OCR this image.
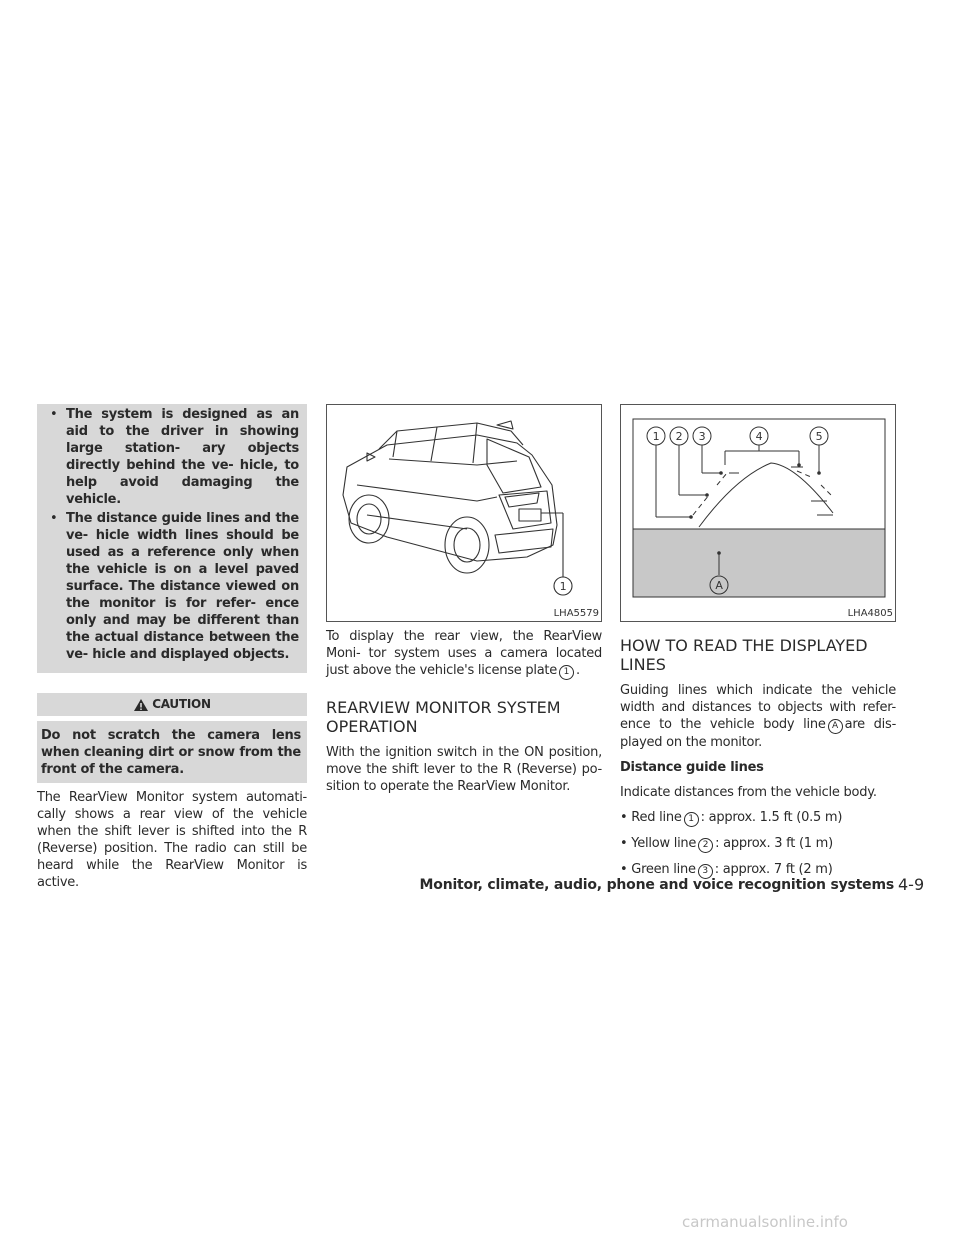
• The system is designed as an aid to the driver in showing large station- ary objects directly behind the ve- hicle, to help avoid damaging the vehicle.
• The distance guide lines and the ve- hicle width lines should be used as a reference only when the vehicle is on a level paved surface. The distance viewed on the monitor is for refer- ence only and may be different than the actual distance between the ve- hicle and displayed objects.
CAUTION
Do not scratch the camera lens when cleaning dirt or snow from the front of the camera.

The RearView Monitor system automati- cally shows a rear view of the vehicle when the shift lever is shifted into the R (Reverse) position. The radio can still be heard while the RearView Monitor is active.

1
LHA5579

To display the rear view, the RearView Moni- tor system uses a camera located just above the vehicle's license plate 1 .

REARVIEW MONITOR SYSTEM OPERATION

With the ignition switch in the ON position, move the shift lever to the R (Reverse) po- sition to operate the RearView Monitor.

1 2 3	4	5
A
LHA4805
HOW TO READ THE DISPLAYED LINES

Guiding lines which indicate the vehicle width and distances to objects with refer- ence to the vehicle body line A are dis- played on the monitor.

Distance guide lines

Indicate distances from the vehicle body.

• Red line 1 : approx. 1.5 ft (0.5 m)

• Yellow line 2 : approx. 3 ft (1 m)

• Green line 3 : approx. 7 ft (2 m)

Monitor, climate, audio, phone and voice recognition systems 4-9
carmanualsonline.info
